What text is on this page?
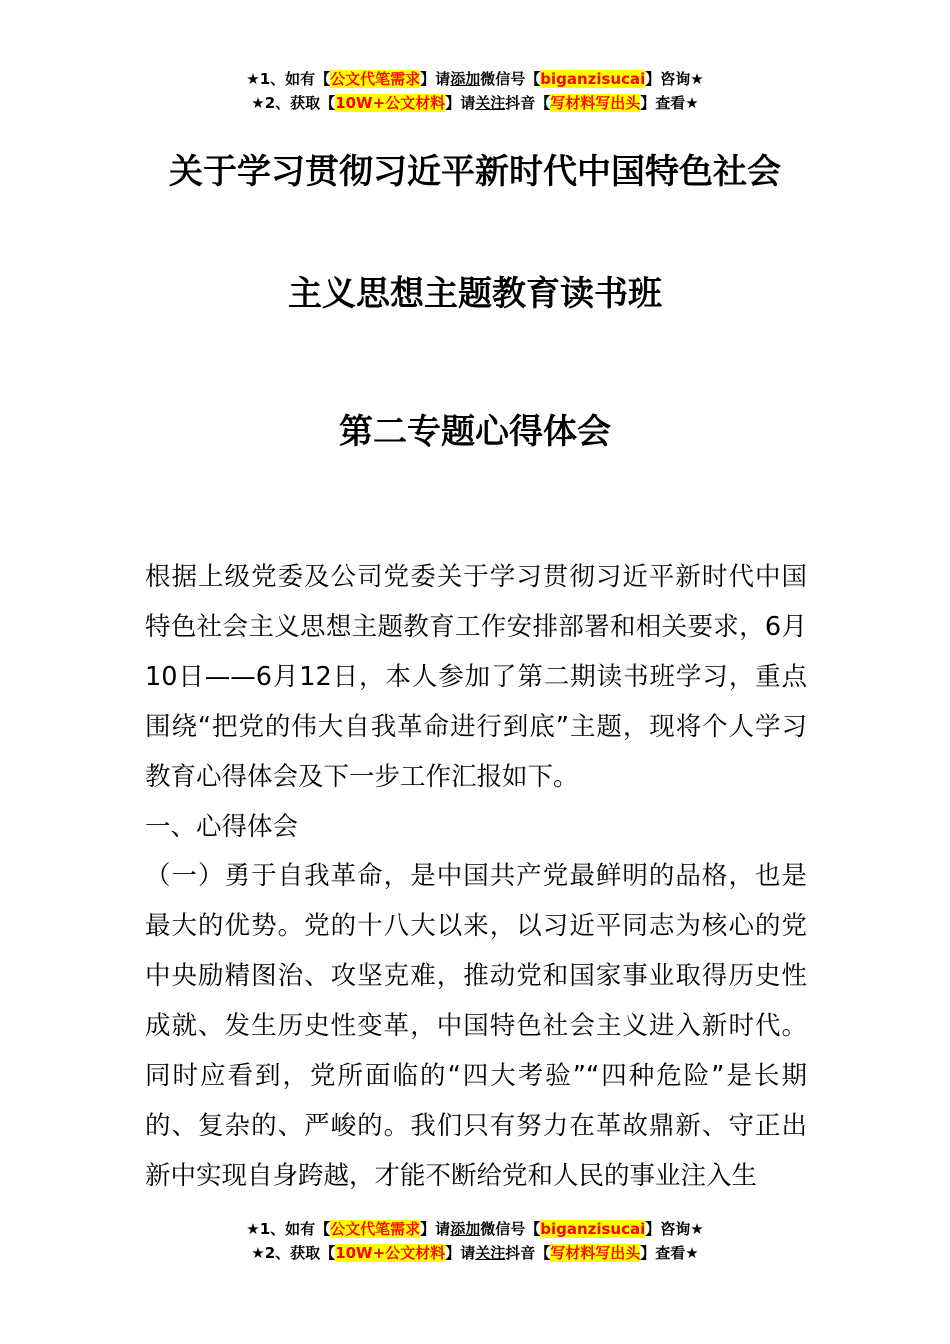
★1、如有【公文代笔需求】请添加微信号【biganzisucai】咨询★
★2、获取【10W+公文材料】请关注抖音【写材料写出头】查看★
关于学习贯彻习近平新时代中国特色社会
主义思想主题教育读书班
第二专题心得体会

根据上级党委及公司党委关于学习贯彻习近平新时代中国特色社会主义思想主题教育工作安排部署和相关要求，6月10日——6月12日，本人参加了第二期读书班学习，重点围绕“把党的伟大自我革命进行到底”主题，现将个人学习教育心得体会及下一步工作汇报如下。

一、心得体会

（一）勇于自我革命，是中国共产党最鲜明的品格，也是最大的优势。党的十八大以来，以习近平同志为核心的党中央励精图治、攻坚克难，推动党和国家事业取得历史性成就、发生历史性变革，中国特色社会主义进入新时代。同时应看到，党所面临的“四大考验”“四种危险”是长期的、复杂的、严峻的。我们只有努力在革故鼎新、守正出新中实现自身跨越，才能不断给党和人民的事业注入生

★1、如有【公文代笔需求】请添加微信号【biganzisucai】咨询★
★2、获取【10W+公文材料】请关注抖音【写材料写出头】查看★
